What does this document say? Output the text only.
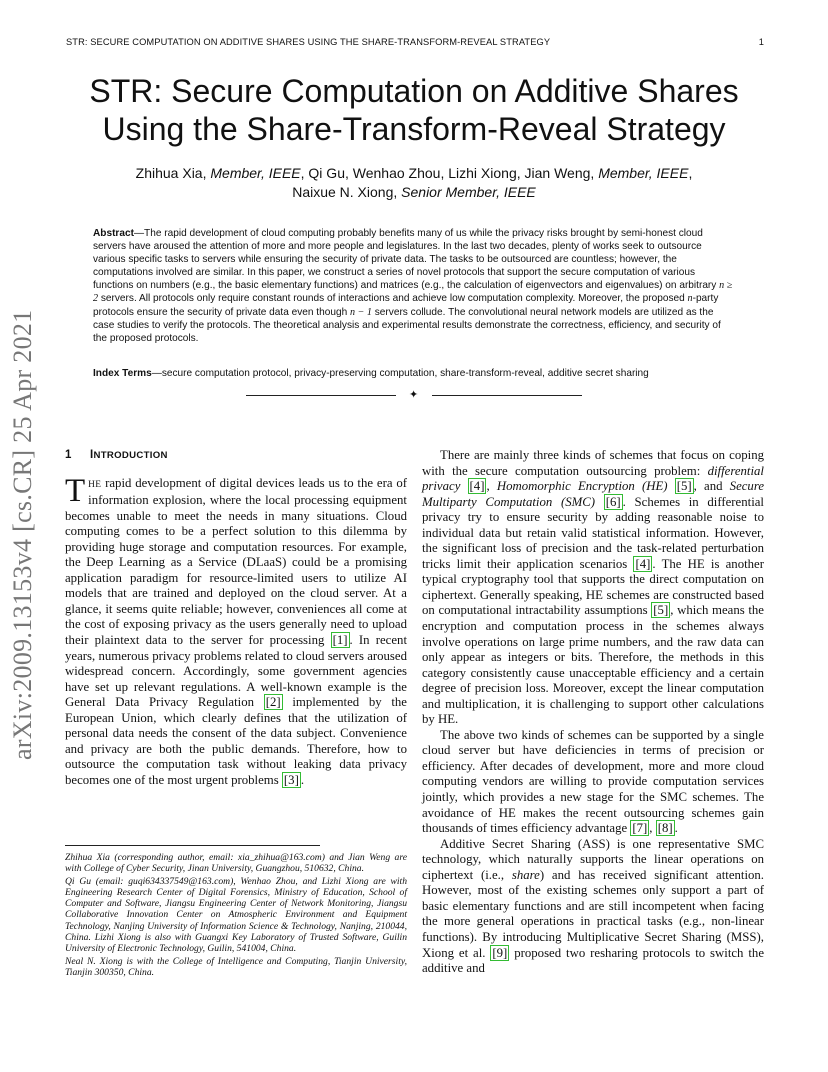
STR: SECURE COMPUTATION ON ADDITIVE SHARES USING THE SHARE-TRANSFORM-REVEAL STRATEGY	1
arXiv:2009.13153v4 [cs.CR] 25 Apr 2021
STR: Secure Computation on Additive Shares
Using the Share-Transform-Reveal Strategy
Zhihua Xia, Member, IEEE, Qi Gu, Wenhao Zhou, Lizhi Xiong, Jian Weng, Member, IEEE,
Naixue N. Xiong, Senior Member, IEEE

Abstract—The rapid development of cloud computing probably benefits many of us while the privacy risks brought by semi-honest cloud servers have aroused the attention of more and more people and legislatures. In the last two decades, plenty of works seek to outsource various specific tasks to servers while ensuring the security of private data. The tasks to be outsourced are countless; however, the computations involved are similar. In this paper, we construct a series of novel protocols that support the secure computation of various functions on numbers (e.g., the basic elementary functions) and matrices (e.g., the calculation of eigenvectors and eigenvalues) on arbitrary n ≥ 2 servers. All protocols only require constant rounds of interactions and achieve low computation complexity. Moreover, the proposed n-party protocols ensure the security of private data even though n − 1 servers collude. The convolutional neural network models are utilized as the case studies to verify the protocols. The theoretical analysis and experimental results demonstrate the correctness, efficiency, and security of the proposed protocols.

Index Terms—secure computation protocol, privacy-preserving computation, share-transform-reveal, additive secret sharing

✦
1 INTRODUCTION

THE rapid development of digital devices leads us to the era of information explosion, where the local processing equipment becomes unable to meet the needs in many situations. Cloud computing comes to be a perfect solution to this dilemma by providing huge storage and computation resources. For example, the Deep Learning as a Service (DLaaS) could be a promising application paradigm for resource-limited users to utilize AI models that are trained and deployed on the cloud server. At a glance, it seems quite reliable; however, conveniences all come at the cost of exposing privacy as the users generally need to upload their plaintext data to the server for processing [1] . In recent years, numerous privacy problems related to cloud servers aroused widespread concern. Accordingly, some government agencies have set up relevant regulations. A well-known example is the General Data Privacy Regulation [2] implemented by the European Union, which clearly defines that the utilization of personal data needs the consent of the data subject. Convenience and privacy are both the public demands. Therefore, how to outsource the computation task without leaking data privacy becomes one of the most urgent problems [3] .

Zhihua Xia (corresponding author, email: xia_zhihua@163.com) and Jian Weng are with College of Cyber Security, Jinan University, Guangzhou, 510632, China.

Qi Gu (email: guqi634337549@163.com), Wenhao Zhou, and Lizhi Xiong are with Engineering Research Center of Digital Forensics, Ministry of Education, School of Computer and Software, Jiangsu Engineering Center of Network Monitoring, Jiangsu Collaborative Innovation Center on Atmospheric Environment and Equipment Technology, Nanjing University of Information Science & Technology, Nanjing, 210044, China. Lizhi Xiong is also with Guangxi Key Laboratory of Trusted Software, Guilin University of Electronic Technology, Guilin, 541004, China.

Neal N. Xiong is with the College of Intelligence and Computing, Tianjin University, Tianjin 300350, China.

There are mainly three kinds of schemes that focus on coping with the secure computation outsourcing problem: differential privacy [4] , Homomorphic Encryption (HE) [5] , and Secure Multiparty Computation (SMC) [6] . Schemes in differential privacy try to ensure security by adding reasonable noise to individual data but retain valid statistical information. However, the significant loss of precision and the task-related perturbation tricks limit their application scenarios [4] . The HE is another typical cryptography tool that supports the direct computation on ciphertext. Generally speaking, HE schemes are constructed based on computational intractability assumptions [5] , which means the encryption and computation process in the schemes always involve operations on large prime numbers, and the raw data can only appear as integers or bits. Therefore, the methods in this category consistently cause unacceptable efficiency and a certain degree of precision loss. Moreover, except the linear computation and multiplication, it is challenging to support other calculations by HE.

The above two kinds of schemes can be supported by a single cloud server but have deficiencies in terms of precision or efficiency. After decades of development, more and more cloud computing vendors are willing to provide computation services jointly, which provides a new stage for the SMC schemes. The avoidance of HE makes the recent outsourcing schemes gain thousands of times efficiency advantage [7] , [8] .

Additive Secret Sharing (ASS) is one representative SMC technology, which naturally supports the linear operations on ciphertext (i.e., share) and has received significant attention. However, most of the existing schemes only support a part of basic elementary functions and are still incompetent when facing the more general operations in practical tasks (e.g., non-linear functions). By introducing Multiplicative Secret Sharing (MSS), Xiong et al. [9] proposed two resharing protocols to switch the additive and
